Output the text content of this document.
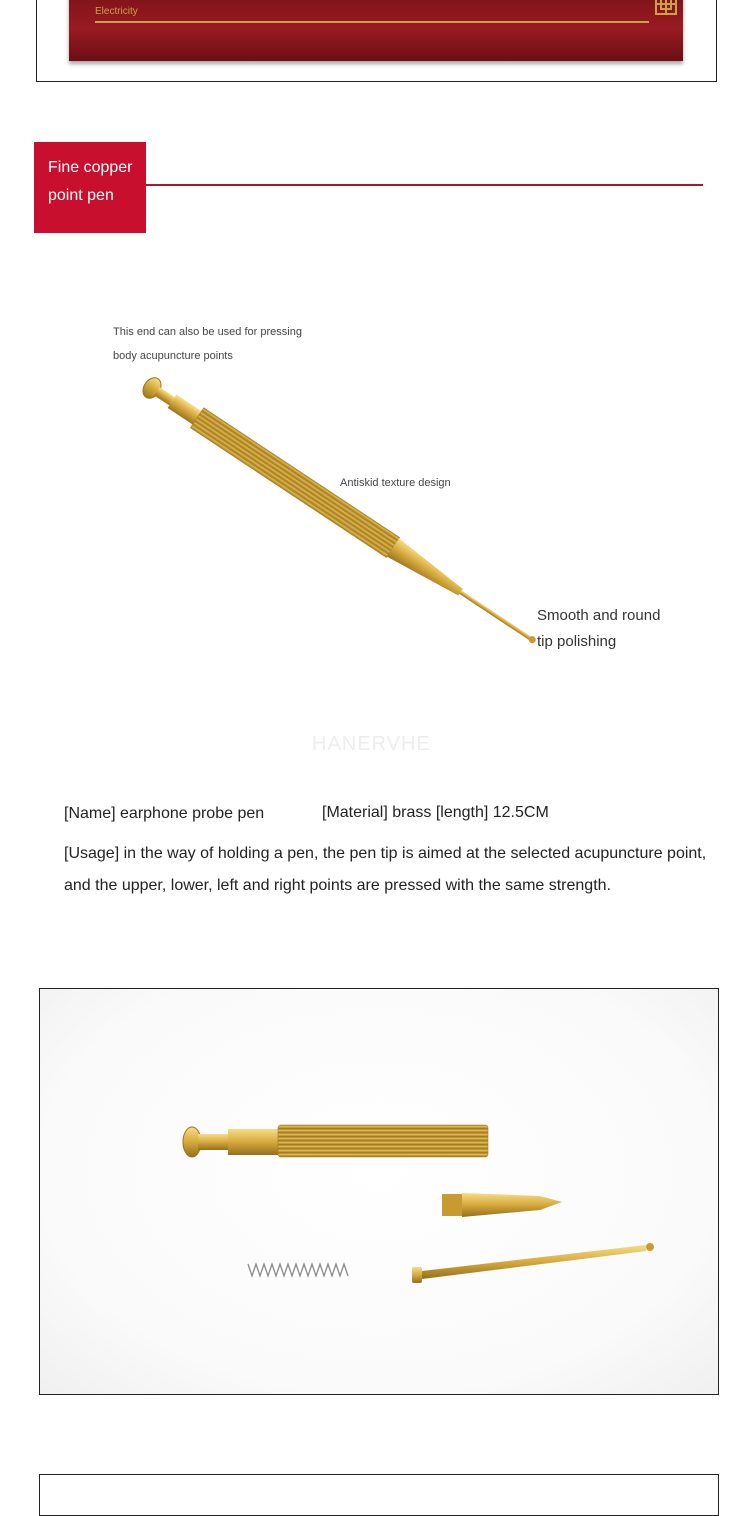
Electricity
Fine copper point pen
This end can also be used for pressing body acupuncture points
Antiskid texture design
Smooth and round tip polishing
HANERVHE
[Name] earphone probe pen	[Material] brass [length] 12.5CM
[Usage] in the way of holding a pen, the pen tip is aimed at the selected acupuncture point, and the upper, lower, left and right points are pressed with the same strength.
